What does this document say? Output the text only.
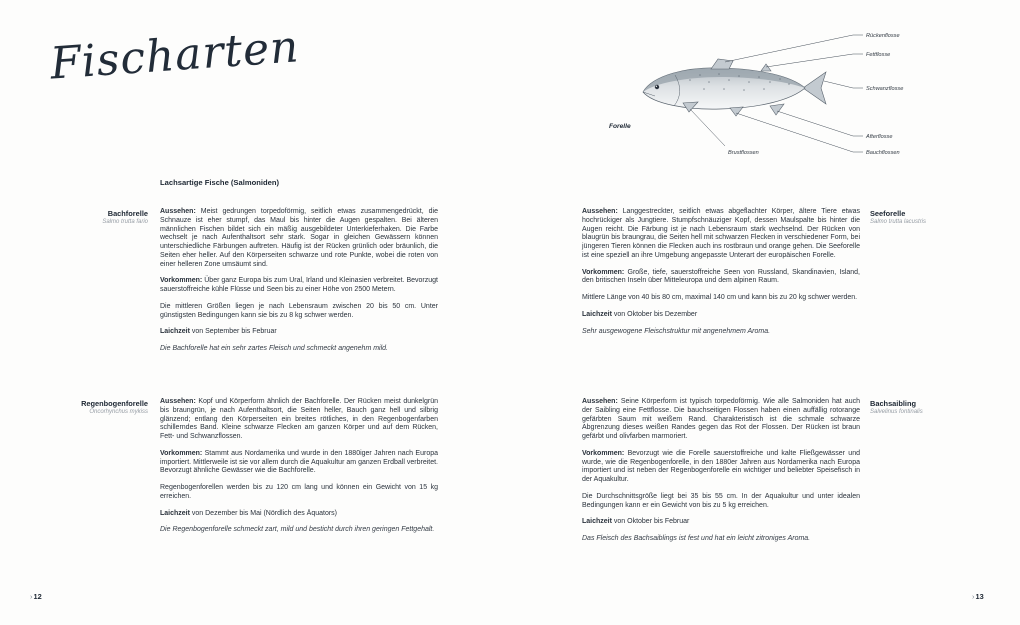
Fischarten	Rückenflosse
Fettflosse
Schwanzflosse
Afterflosse
Bauchflossen
Brustflossen
Forelle
Lachsartige Fische (Salmoniden)
Bachforelle
Salmo trutta fario

Aussehen: Meist gedrungen torpedoförmig, seitlich etwas zusammengedrückt, die Schnauze ist eher stumpf, das Maul bis hinter die Augen gespalten. Bei älteren männlichen Fischen bildet sich ein mäßig ausgebildeter Unterkieferhaken. Die Farbe wechselt je nach Aufenthaltsort sehr stark. Sogar in gleichen Gewässern können unterschiedliche Färbungen auftreten. Häufig ist der Rücken grünlich oder bräunlich, die Seiten eher heller. Auf den Körperseiten schwarze und rote Punkte, wobei die roten von einer helleren Zone umsäumt sind.

Vorkommen: Über ganz Europa bis zum Ural, Irland und Kleinasien verbreitet. Bevorzugt sauerstoffreiche kühle Flüsse und Seen bis zu einer Höhe von 2500 Metern.

Die mittleren Größen liegen je nach Lebensraum zwischen 20 bis 50 cm. Unter günstigsten Bedingungen kann sie bis zu 8 kg schwer werden.

Laichzeit von September bis Februar

Die Bachforelle hat ein sehr zartes Fleisch und schmeckt angenehm mild.

Regenbogenforelle
Oncorhynchus mykiss

Aussehen: Kopf und Körperform ähnlich der Bachforelle. Der Rücken meist dunkelgrün bis braungrün, je nach Aufenthaltsort, die Seiten heller, Bauch ganz hell und silbrig glänzend; entlang den Körperseiten ein breites rötliches, in den Regenbogenfarben schillerndes Band. Kleine schwarze Flecken am ganzen Körper und auf dem Rücken, Fett- und Schwanzflossen.

Vorkommen: Stammt aus Nordamerika und wurde in den 1880iger Jahren nach Europa importiert. Mittlerweile ist sie vor allem durch die Aquakultur am ganzen Erdball verbreitet. Bevorzugt ähnliche Gewässer wie die Bachforelle.

Regenbogenforellen werden bis zu 120 cm lang und können ein Gewicht von 15 kg erreichen.

Laichzeit von Dezember bis Mai (Nördlich des Äquators)

Die Regenbogenforelle schmeckt zart, mild und besticht durch ihren geringen Fettgehalt.

Seeforelle
Salmo trutta lacustris

Aussehen: Langgestreckter, seitlich etwas abgeflachter Körper, ältere Tiere etwas hochrückiger als Jungtiere. Stumpfschnäuziger Kopf, dessen Maulspalte bis hinter die Augen reicht. Die Färbung ist je nach Lebensraum stark wechselnd. Der Rücken von blaugrün bis braungrau, die Seiten hell mit schwarzen Flecken in verschiedener Form, bei jüngeren Tieren können die Flecken auch ins rostbraun und orange gehen. Die Seeforelle ist eine speziell an ihre Umgebung angepasste Unterart der europäischen Forelle.

Vorkommen: Große, tiefe, sauerstoffreiche Seen von Russland, Skandinavien, Island, den britischen Inseln über Mitteleuropa und dem alpinen Raum.

Mittlere Länge von 40 bis 80 cm, maximal 140 cm und kann bis zu 20 kg schwer werden.

Laichzeit von Oktober bis Dezember

Sehr ausgewogene Fleischstruktur mit angenehmem Aroma.

Bachsaibling
Salvelinus fontinalis

Aussehen: Seine Körperform ist typisch torpedoförmig. Wie alle Salmoniden hat auch der Saibling eine Fettflosse. Die bauchseitigen Flossen haben einen auffällig rotorange gefärbten Saum mit weißem Rand. Charakteristisch ist die schmale schwarze Abgrenzung dieses weißen Randes gegen das Rot der Flossen. Der Rücken ist braun gefärbt und olivfarben marmoriert.

Vorkommen: Bevorzugt wie die Forelle sauerstoffreiche und kalte Fließgewässer und wurde, wie die Regenbogenforelle, in den 1880er Jahren aus Nordamerika nach Europa importiert und ist neben der Regenbogenforelle ein wichtiger und beliebter Speisefisch in der Aquakultur.

Die Durchschnittsgröße liegt bei 35 bis 55 cm. In der Aquakultur und unter idealen Bedingungen kann er ein Gewicht von bis zu 5 kg erreichen.

Laichzeit von Oktober bis Februar

Das Fleisch des Bachsaiblings ist fest und hat ein leicht zitroniges Aroma.

›12	›13
